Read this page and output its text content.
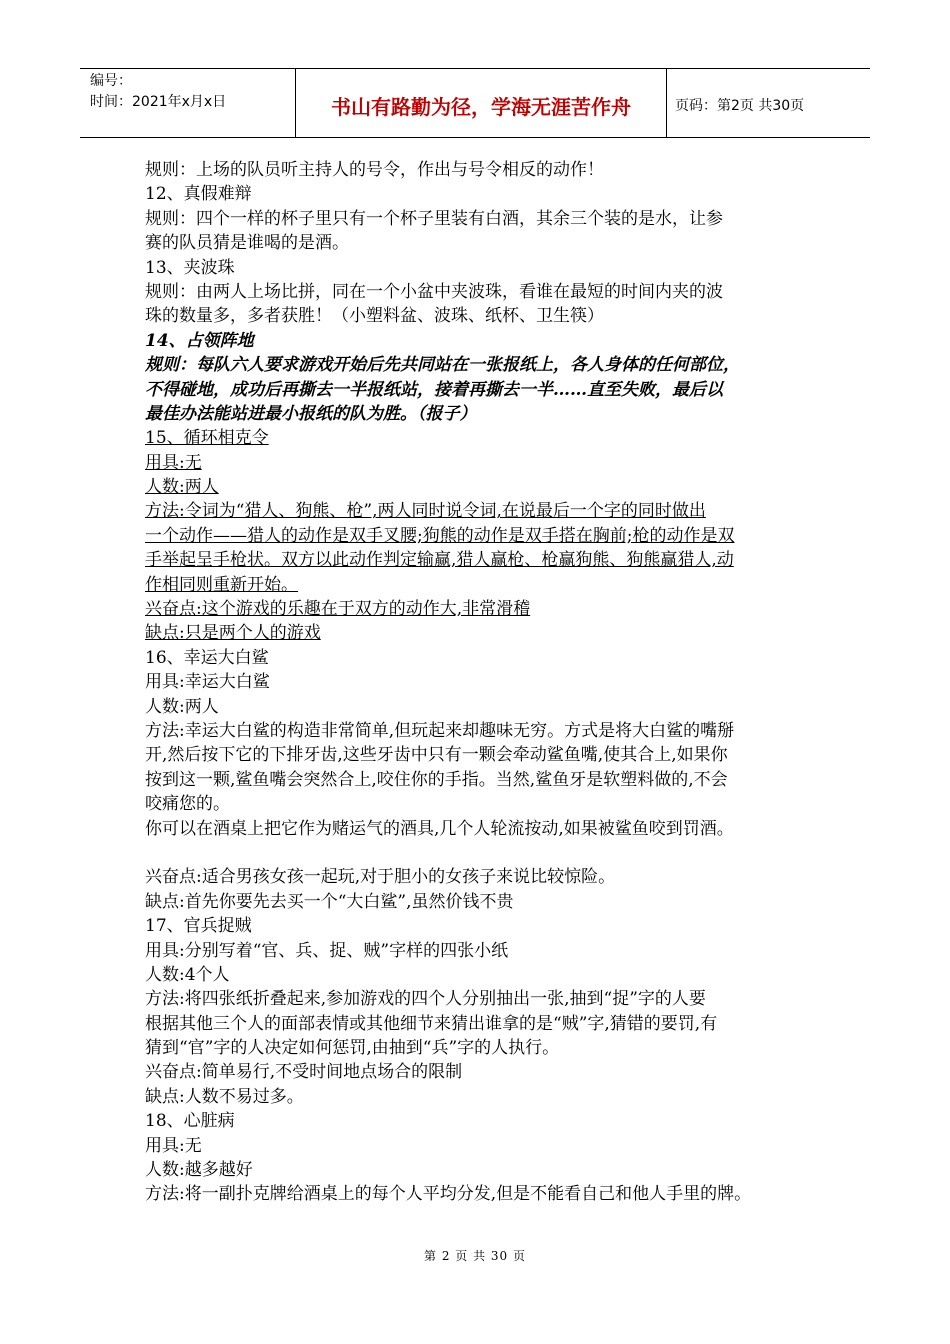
编号：
时间：2021年x月x日	书山有路勤为径，学海无涯苦作舟	页码：第2页 共30页
规则：上场的队员听主持人的号令，作出与号令相反的动作！
12、真假难辩
规则：四个一样的杯子里只有一个杯子里装有白酒，其余三个装的是水，让参
赛的队员猜是谁喝的是酒。
13、夹波珠
规则：由两人上场比拼，同在一个小盆中夹波珠，看谁在最短的时间内夹的波
珠的数量多，多者获胜！（小塑料盆、波珠、纸杯、卫生筷）
14、占领阵地
规则：每队六人要求游戏开始后先共同站在一张报纸上，各人身体的任何部位，
不得碰地，成功后再撕去一半报纸站，接着再撕去一半……直至失败，最后以
最佳办法能站进最小报纸的队为胜。（报子）
15、循环相克令
用具:无
人数:两人
方法:令词为“猎人、狗熊、枪”,两人同时说令词,在说最后一个字的同时做出
一个动作——猎人的动作是双手叉腰;狗熊的动作是双手搭在胸前;枪的动作是双
手举起呈手枪状。双方以此动作判定输赢,猎人赢枪、枪赢狗熊、狗熊赢猎人,动
作相同则重新开始。
兴奋点:这个游戏的乐趣在于双方的动作大,非常滑稽
缺点:只是两个人的游戏
16、幸运大白鲨
用具:幸运大白鲨
人数:两人
方法:幸运大白鲨的构造非常简单,但玩起来却趣味无穷。方式是将大白鲨的嘴掰
开,然后按下它的下排牙齿,这些牙齿中只有一颗会牵动鲨鱼嘴,使其合上,如果你
按到这一颗,鲨鱼嘴会突然合上,咬住你的手指。当然,鲨鱼牙是软塑料做的,不会
咬痛您的。
你可以在酒桌上把它作为赌运气的酒具,几个人轮流按动,如果被鲨鱼咬到罚酒。
兴奋点:适合男孩女孩一起玩,对于胆小的女孩子来说比较惊险。
缺点:首先你要先去买一个“大白鲨”,虽然价钱不贵
17、官兵捉贼
用具:分别写着“官、兵、捉、贼”字样的四张小纸
人数:4个人
方法:将四张纸折叠起来,参加游戏的四个人分别抽出一张,抽到“捉”字的人要
根据其他三个人的面部表情或其他细节来猜出谁拿的是“贼”字,猜错的要罚,有
猜到“官”字的人决定如何惩罚,由抽到“兵”字的人执行。
兴奋点:简单易行,不受时间地点场合的限制
缺点:人数不易过多。
18、心脏病
用具:无
人数:越多越好
方法:将一副扑克牌给酒桌上的每个人平均分发,但是不能看自己和他人手里的牌。
第 2 页 共 30 页
